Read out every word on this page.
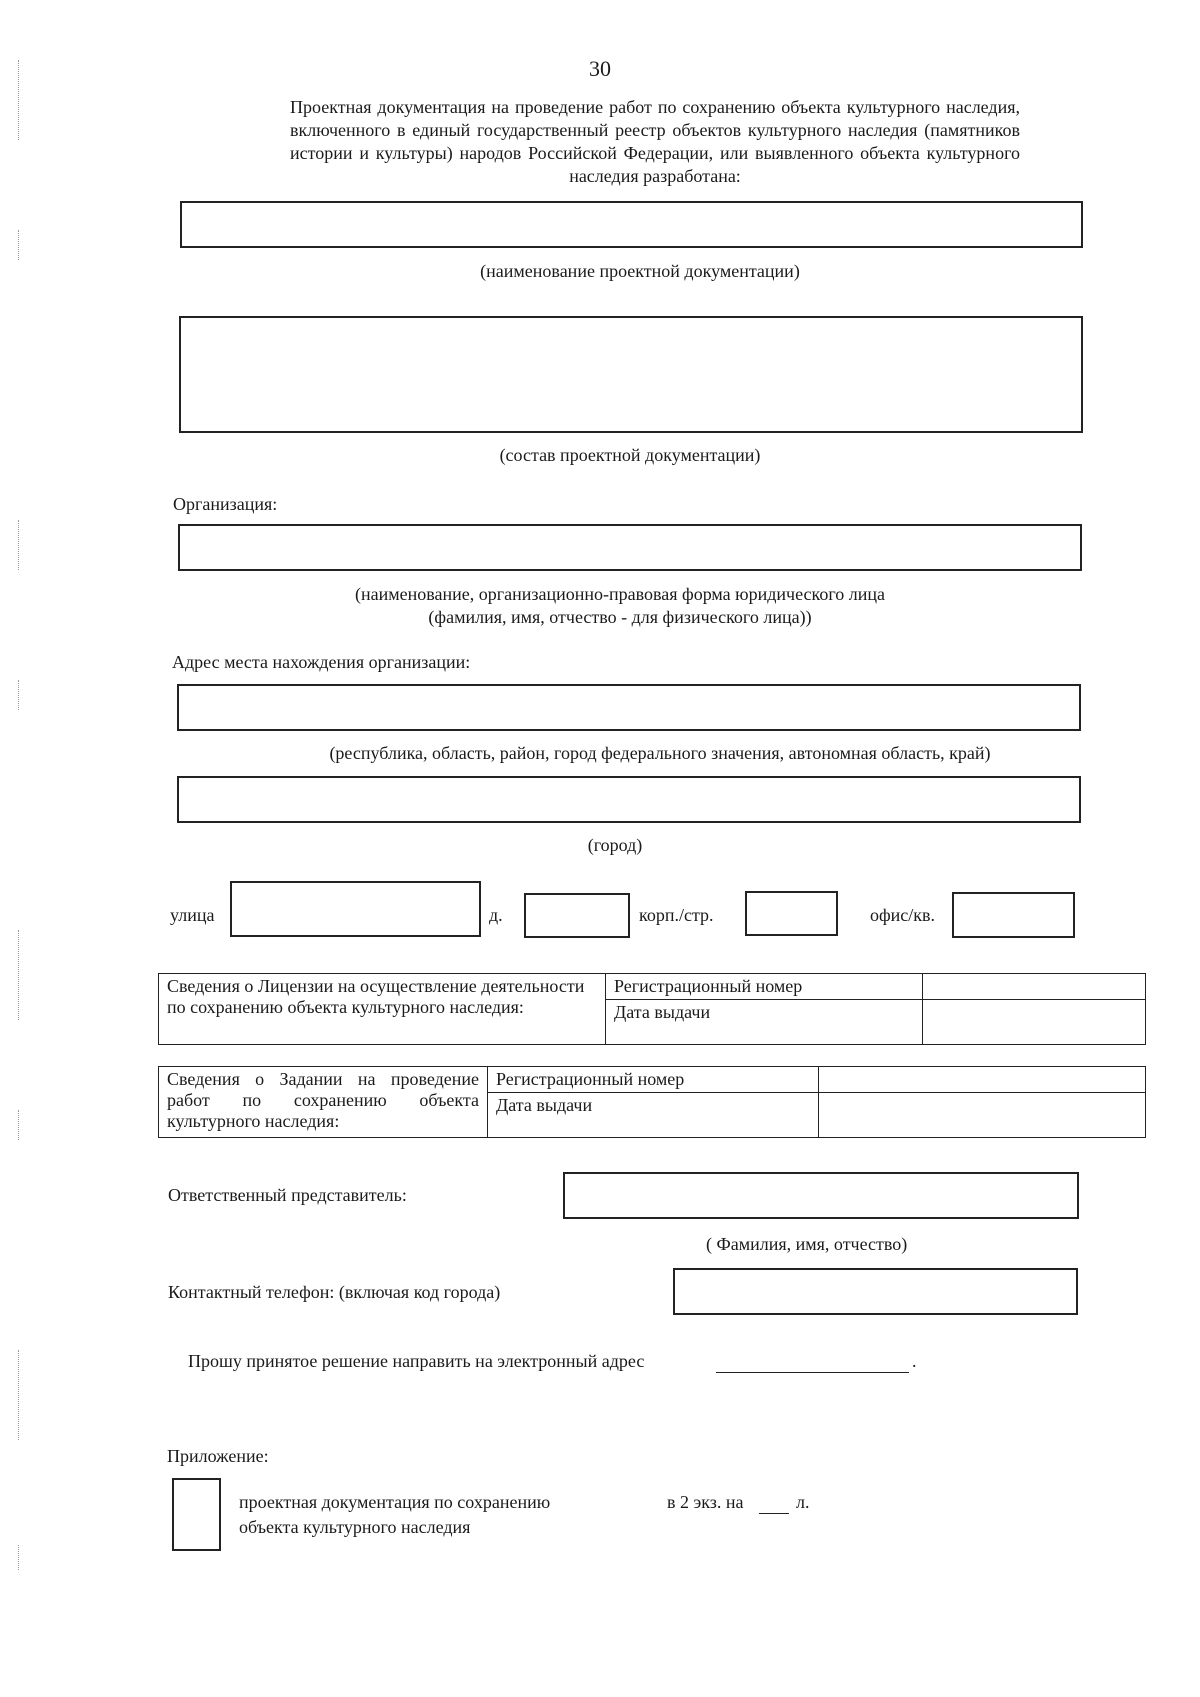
30
Проектная документация на проведение работ по сохранению объекта культурного наследия, включенного в единый государственный реестр объектов культурного наследия (памятников истории и культуры) народов Российской Федерации, или выявленного объекта культурного наследия разработана:
(наименование проектной документации)
(состав проектной документации)
Организация:
(наименование, организационно-правовая форма юридического лица
(фамилия, имя, отчество - для физического лица))
Адрес места нахождения организации:
(республика, область, район, город федерального значения, автономная область, край)
(город)
улица	д.	корп./стр.	офис/кв.
Сведения о Лицензии на осуществление деятельности по сохранению объекта культурного наследия:	Регистрационный номер	
	Дата выдачи	
Сведения о Задании на проведение работ по сохранению объекта культурного наследия:	Регистрационный номер	
	Дата выдачи	
Ответственный представитель:
( Фамилия, имя, отчество)
Контактный телефон: (включая код города)
Прошу принятое решение направить на электронный адрес	.
Приложение:
проектная документация по сохранению
объекта культурного наследия
в 2 экз. на	л.
